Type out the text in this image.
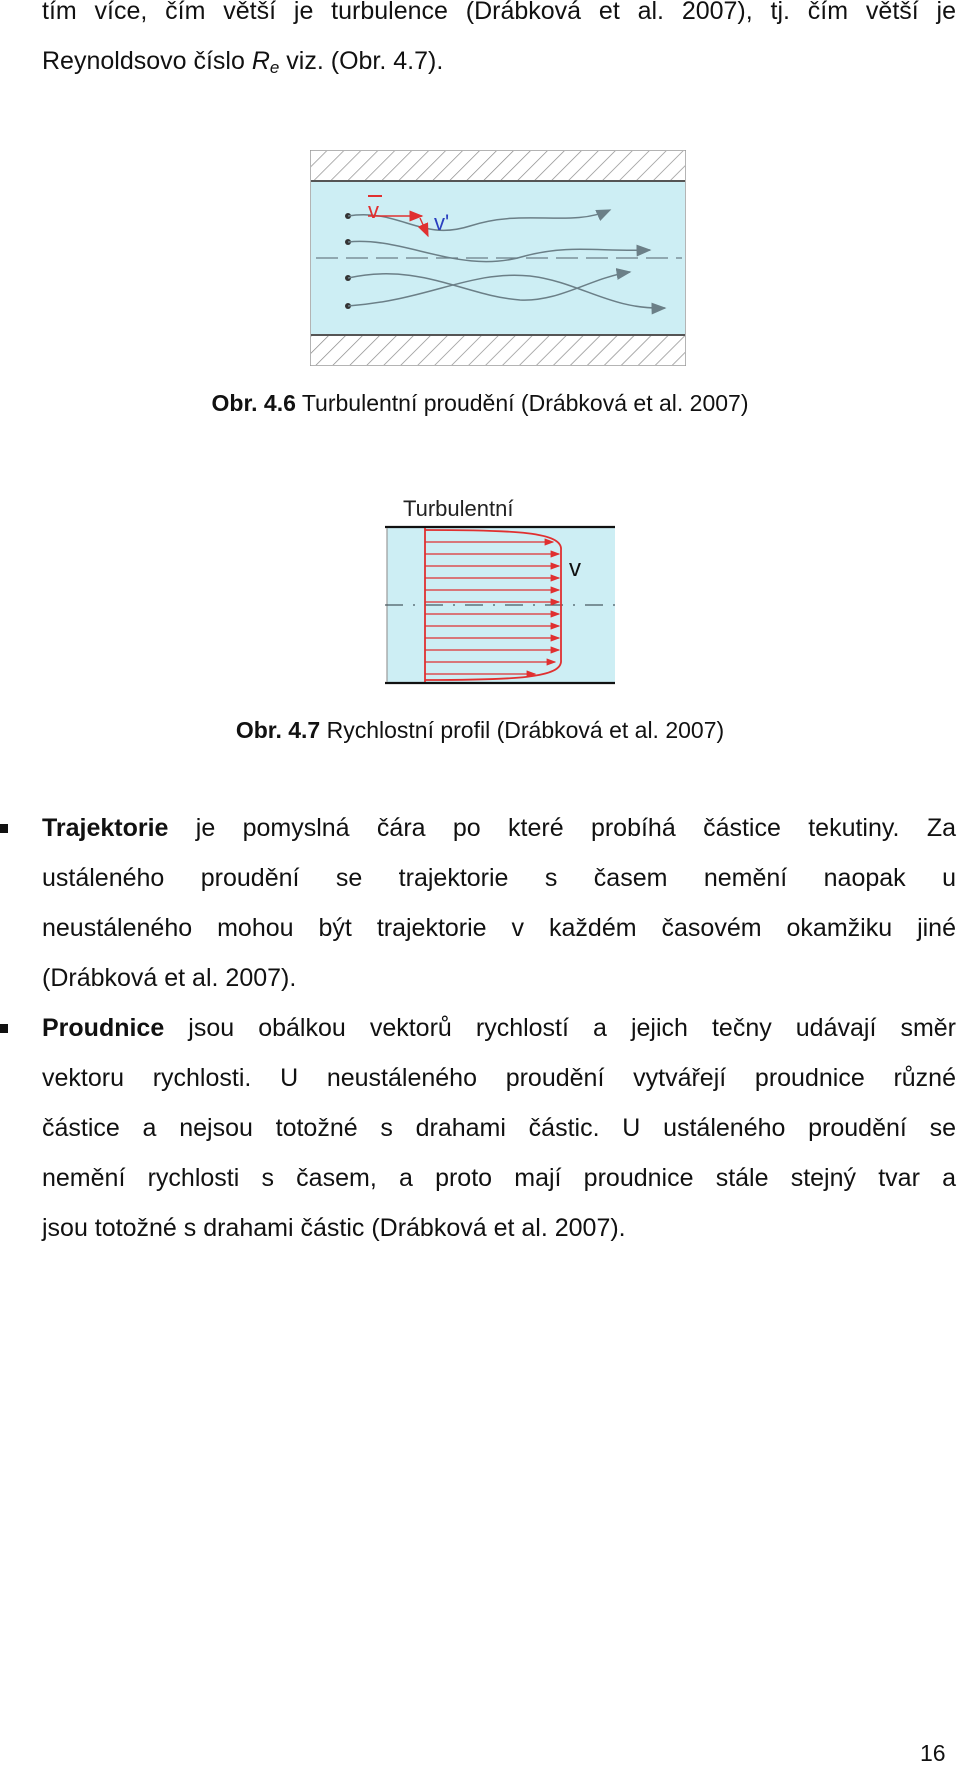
tím více, čím větší je turbulence (Drábková et al. 2007), tj. čím větší je
Reynoldsovo číslo $R_e$ viz. (Obr. 4.7).
v	v'
Obr. 4.6 Turbulentní proudění (Drábková et al. 2007)
Turbulentní
v
Obr. 4.7 Rychlostní profil (Drábková et al. 2007)
Trajektorie je pomyslná čára po které probíhá částice tekutiny. Za
ustáleného proudění se trajektorie s časem nemění naopak u
neustáleného mohou být trajektorie v každém časovém okamžiku jiné
(Drábková et al. 2007).
Proudnice jsou obálkou vektorů rychlostí a jejich tečny udávají směr
vektoru rychlosti. U neustáleného proudění vytvářejí proudnice různé
částice a nejsou totožné s drahami částic. U ustáleného proudění se
nemění rychlosti s časem, a proto mají proudnice stále stejný tvar a
jsou totožné s drahami částic (Drábková et al. 2007).
16
